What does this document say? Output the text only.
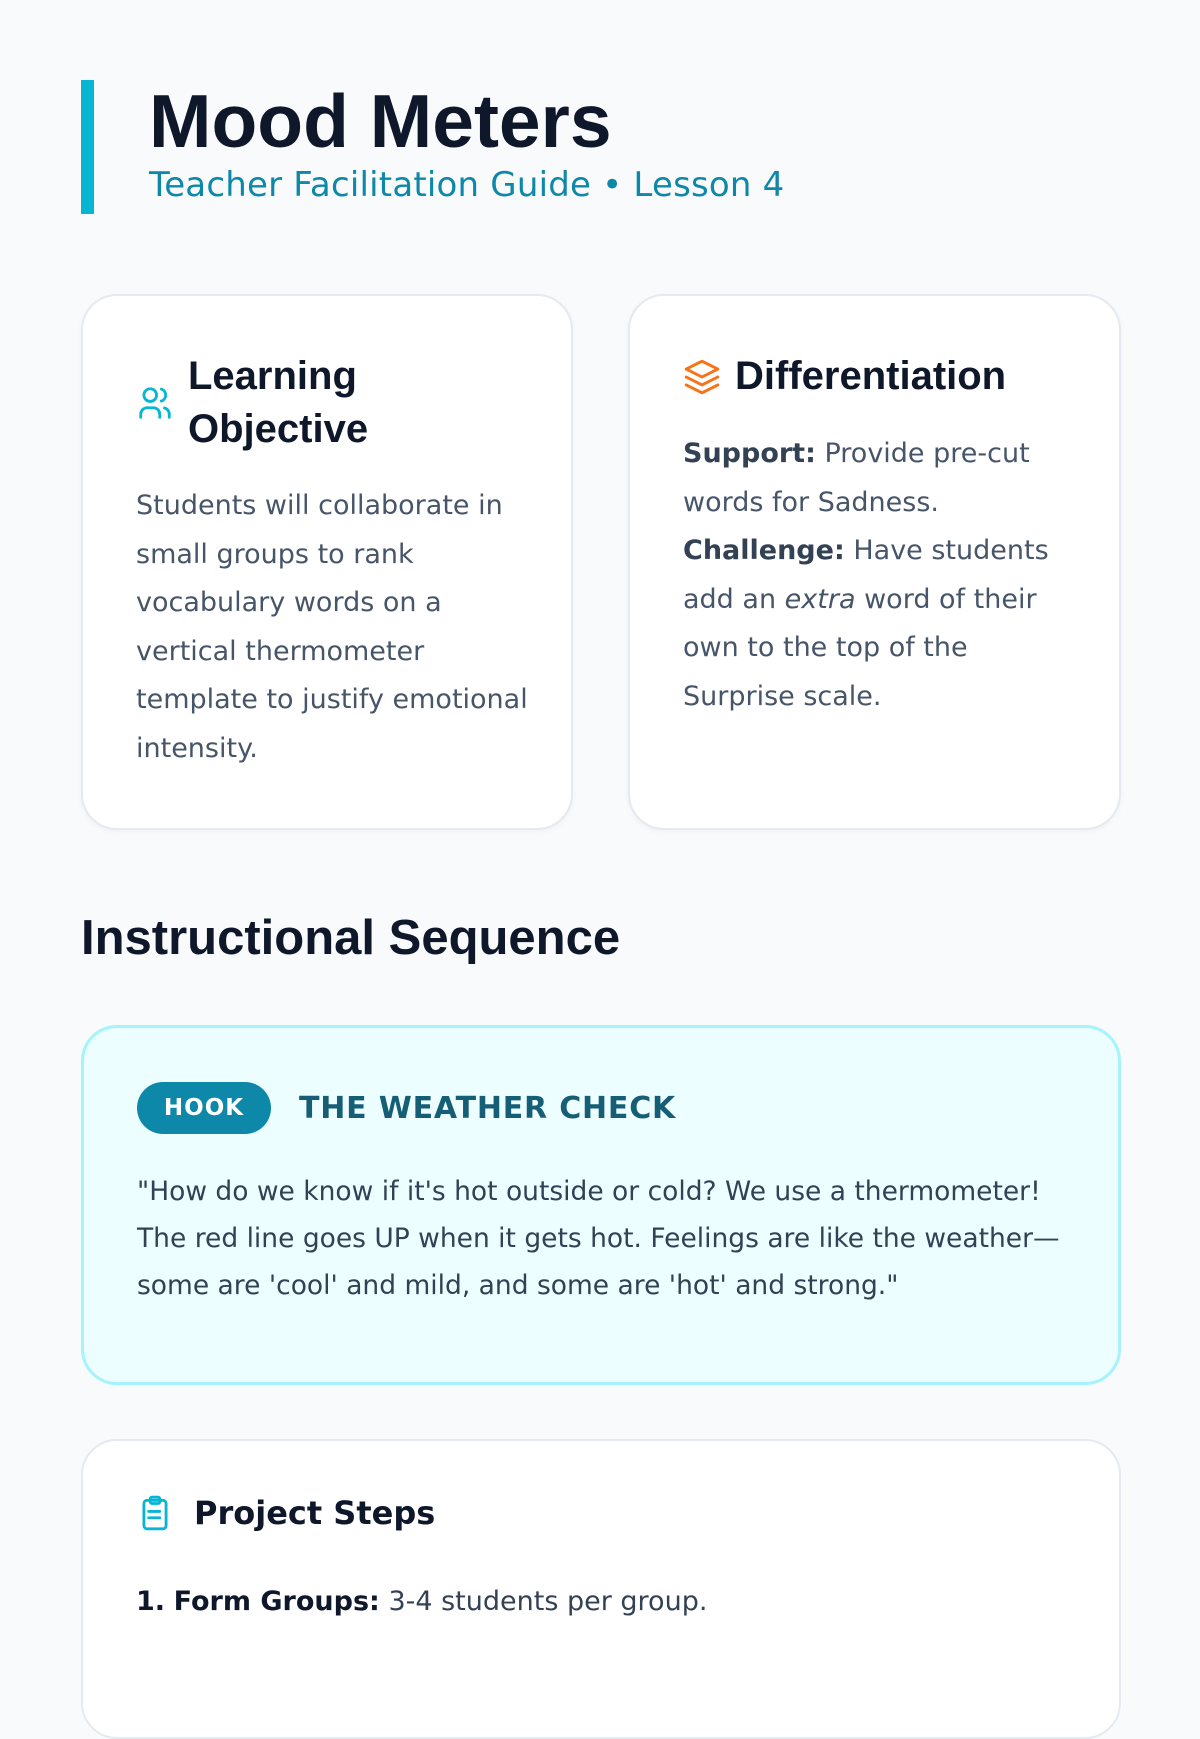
Mood Meters
Teacher Facilitation Guide • Lesson 4
Learning Objective
Students will collaborate in small groups to rank vocabulary words on a vertical thermometer template to justify emotional intensity.
Differentiation

Support: Provide pre-cut words for Sadness.

Challenge: Have students add an extra word of their own to the top of the Surprise scale.

Instructional Sequence
HOOK	THE WEATHER CHECK
"How do we know if it's hot outside or cold? We use a thermometer! The red line goes UP when it gets hot. Feelings are like the weather—some are 'cool' and mild, and some are 'hot' and strong."
Project Steps
1. Form Groups: 3-4 students per group.
